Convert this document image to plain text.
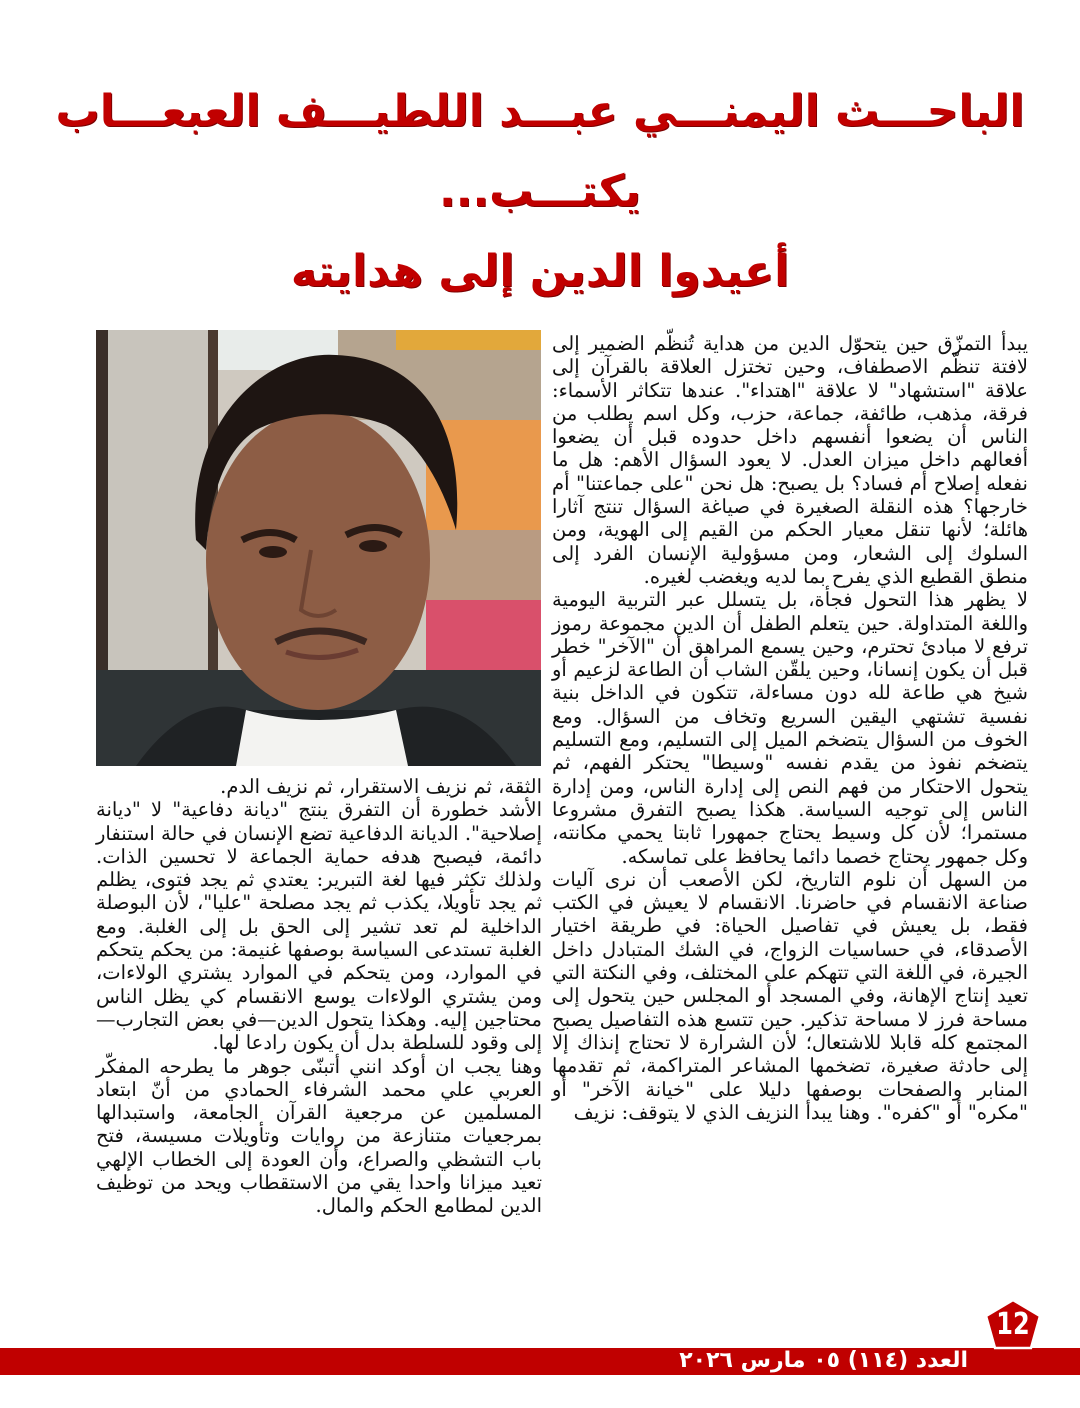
الباحـــث اليمنـــي عبـــد اللطيـــف العبعـــاب
يكتـــب...
أعيدوا الدين إلى هدايته

يبدأ التمزّق حين يتحوّل الدين من هداية تُنظّم الضمير إلى لافتة تنظّم الاصطفاف، وحين تختزل العلاقة بالقرآن إلى علاقة "استشهاد" لا علاقة "اهتداء". عندها تتكاثر الأسماء: فرقة، مذهب، طائفة، جماعة، حزب، وكل اسم يطلب من الناس أن يضعوا أنفسهم داخل حدوده قبل أن يضعوا أفعالهم داخل ميزان العدل. لا يعود السؤال الأهم: هل ما نفعله إصلاح أم فساد؟ بل يصبح: هل نحن "على جماعتنا" أم خارجها؟ هذه النقلة الصغيرة في صياغة السؤال تنتج آثارا هائلة؛ لأنها تنقل معيار الحكم من القيم إلى الهوية، ومن السلوك إلى الشعار، ومن مسؤولية الإنسان الفرد إلى منطق القطيع الذي يفرح بما لديه ويغضب لغيره.

لا يظهر هذا التحول فجأة، بل يتسلل عبر التربية اليومية واللغة المتداولة. حين يتعلم الطفل أن الدين مجموعة رموز ترفع لا مبادئ تحترم، وحين يسمع المراهق أن "الآخر" خطر قبل أن يكون إنسانا، وحين يلقّن الشاب أن الطاعة لزعيم أو شيخ هي طاعة لله دون مساءلة، تتكون في الداخل بنية نفسية تشتهي اليقين السريع وتخاف من السؤال. ومع الخوف من السؤال يتضخم الميل إلى التسليم، ومع التسليم يتضخم نفوذ من يقدم نفسه "وسيطا" يحتكر الفهم، ثم يتحول الاحتكار من فهم النص إلى إدارة الناس، ومن إدارة الناس إلى توجيه السياسة. هكذا يصبح التفرق مشروعا مستمرا؛ لأن كل وسيط يحتاج جمهورا ثابتا يحمي مكانته، وكل جمهور يحتاج خصما دائما يحافظ على تماسكه.

من السهل أن نلوم التاريخ، لكن الأصعب أن نرى آليات صناعة الانقسام في حاضرنا. الانقسام لا يعيش في الكتب فقط، بل يعيش في تفاصيل الحياة: في طريقة اختيار الأصدقاء، في حساسيات الزواج، في الشك المتبادل داخل الجيرة، في اللغة التي تتهكم على المختلف، وفي النكتة التي تعيد إنتاج الإهانة، وفي المسجد أو المجلس حين يتحول إلى مساحة فرز لا مساحة تذكير. حين تتسع هذه التفاصيل يصبح المجتمع كله قابلا للاشتعال؛ لأن الشرارة لا تحتاج إنذاك إلا إلى حادثة صغيرة، تضخمها المشاعر المتراكمة، ثم تقدمها المنابر والصفحات بوصفها دليلا على "خيانة الآخر" أو "مكره" أو "كفره". وهنا يبدأ النزيف الذي لا يتوقف: نزيف

الثقة، ثم نزيف الاستقرار، ثم نزيف الدم.

الأشد خطورة أن التفرق ينتج "ديانة دفاعية" لا "ديانة إصلاحية". الديانة الدفاعية تضع الإنسان في حالة استنفار دائمة، فيصبح هدفه حماية الجماعة لا تحسين الذات. ولذلك تكثر فيها لغة التبرير: يعتدي ثم يجد فتوى، يظلم ثم يجد تأويلا، يكذب ثم يجد مصلحة "عليا"، لأن البوصلة الداخلية لم تعد تشير إلى الحق بل إلى الغلبة. ومع الغلبة تستدعى السياسة بوصفها غنيمة: من يحكم يتحكم في الموارد، ومن يتحكم في الموارد يشتري الولاءات، ومن يشتري الولاءات يوسع الانقسام كي يظل الناس محتاجين إليه. وهكذا يتحول الدين—في بعض التجارب—إلى وقود للسلطة بدل أن يكون رادعا لها.

وهنا يجب ان أوكد انني أتبنّى جوهر ما يطرحه المفكّر العربي علي محمد الشرفاء الحمادي من أنّ ابتعاد المسلمين عن مرجعية القرآن الجامعة، واستبدالها بمرجعيات متنازعة من روايات وتأويلات مسيسة، فتح باب التشظي والصراع، وأن العودة إلى الخطاب الإلهي تعيد ميزانا واحدا يقي من الاستقطاب ويحد من توظيف الدين لمطامع الحكم والمال.

العدد (١١٤) ٠٥ مارس ٢٠٢٦
12
